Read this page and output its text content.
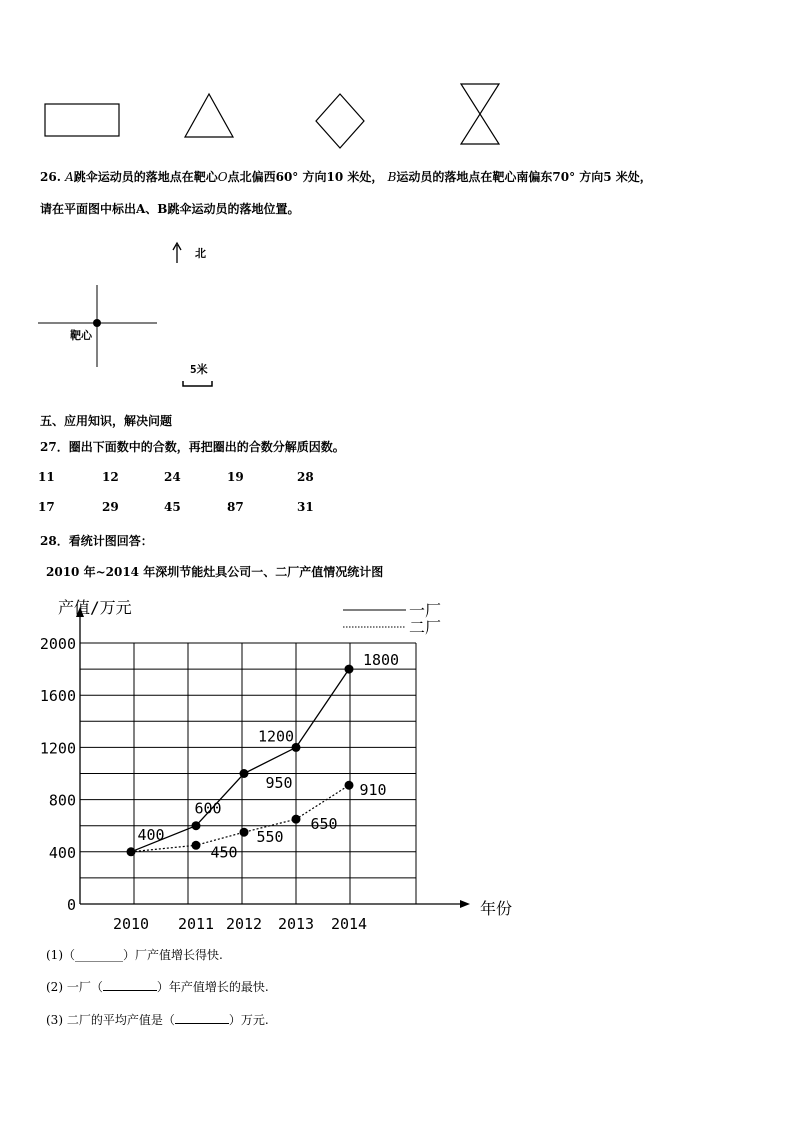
26. A跳伞运动员的落地点在靶心O点北偏西60° 方向10 米处， B运动员的落地点在靶心南偏东70° 方向5 米处，
请在平面图中标出A、B跳伞运动员的落地位置。
北
靶心
5米
五、应用知识，解决问题
27．圈出下面数中的合数，再把圈出的合数分解质因数。
11	12	24	19	28
17	29	45	87	31
28．看统计图回答：
2010 年~2014 年深圳节能灶具公司一、二厂产值情况统计图
产值/万元
年份
0
400
800
1200
1600
2000
2010 2011 2012 2013 2014
400
600
1200
1800
450
550
650
910
950
一厂
二厂
(1)（________）厂产值增长得快.
(2) 一厂（	）年产值增长的最快.
(3) 二厂的平均产值是（	）万元.
